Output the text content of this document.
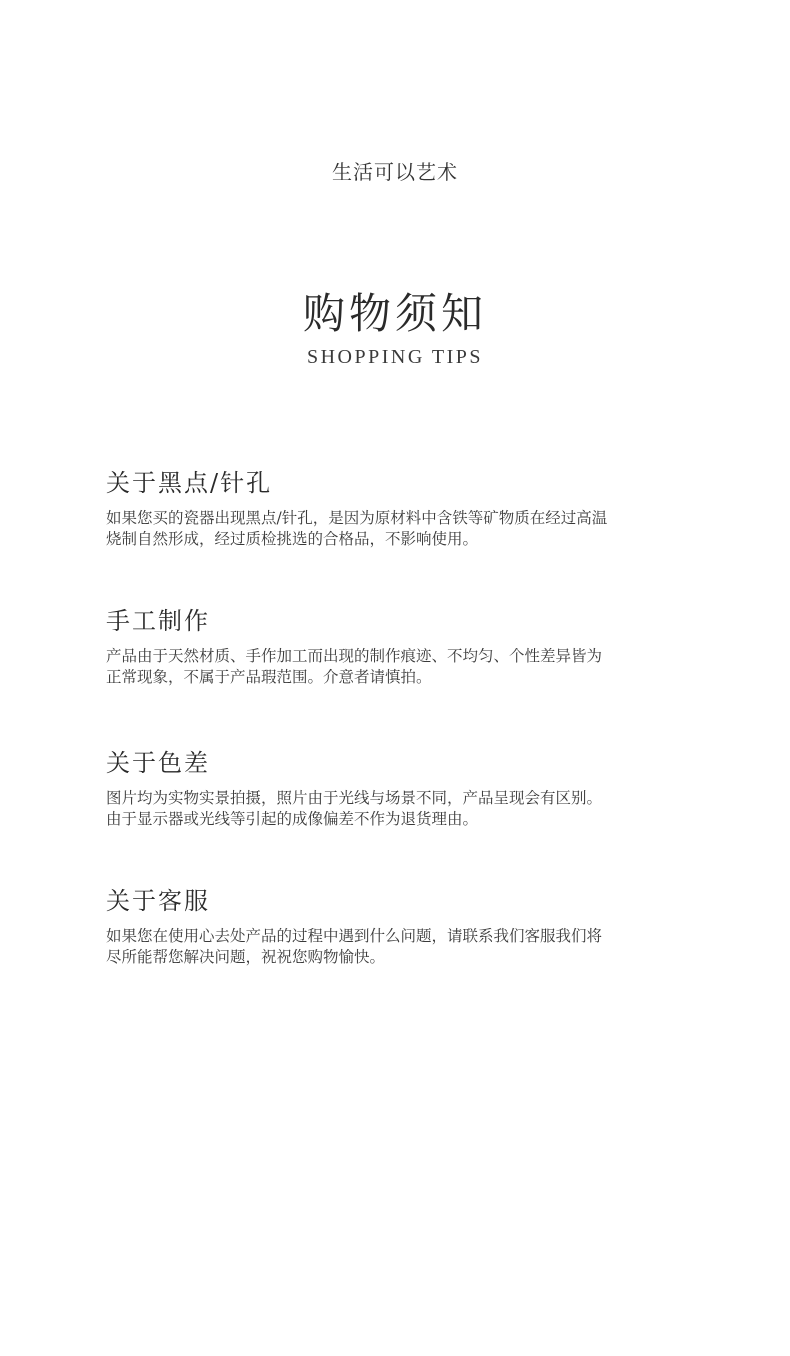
生活可以艺术
购物须知
SHOPPING TIPS
关于黑点/针孔

如果您买的瓷器出现黑点/针孔，是因为原材料中含铁等矿物质在经过高温
烧制自然形成，经过质检挑选的合格品，不影响使用。

手工制作

产品由于天然材质、手作加工而出现的制作痕迹、不均匀、个性差异皆为
正常现象，不属于产品瑕范围。介意者请慎拍。

关于色差

图片均为实物实景拍摄，照片由于光线与场景不同，产品呈现会有区别。
由于显示器或光线等引起的成像偏差不作为退货理由。

关于客服

如果您在使用心去处产品的过程中遇到什么问题，请联系我们客服我们将
尽所能帮您解决问题，祝祝您购物愉快。
